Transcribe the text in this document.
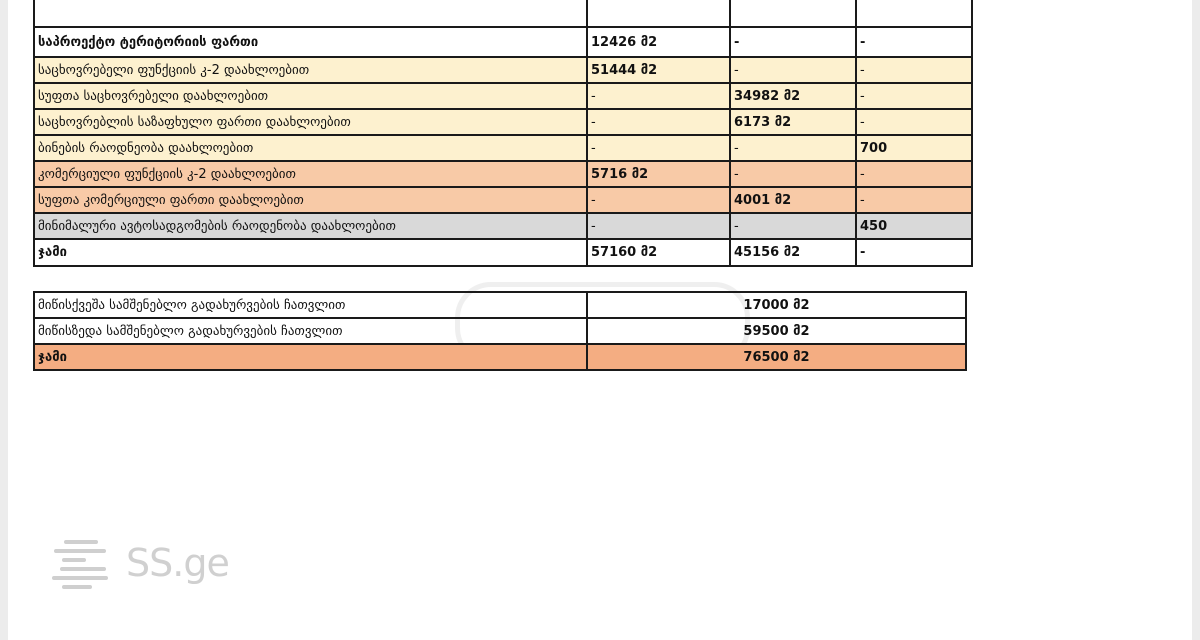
საპროექტო ტერიტორიის ფართი	12426 მ2	-	-
საცხოვრებელი ფუნქციის კ-2 დაახლოებით	51444 მ2	-	-
სუფთა საცხოვრებელი დაახლოებით	-	34982 მ2	-
საცხოვრებლის საზაფხულო ფართი დაახლოებით	-	6173 მ2	-
ბინების რაოდნეობა დაახლოებით	-	-	700
კომერციული ფუნქციის კ-2 დაახლოებით	5716 მ2	-	-
სუფთა კომერციული ფართი დაახლოებით	-	4001 მ2	-
მინიმალური ავტოსადგომების რაოდენობა დაახლოებით	-	-	450
ჯამი	57160 მ2	45156 მ2	-
მიწისქვეშა სამშენებლო გადახურვების ჩათვლით	17000 მ2
მიწისზედა სამშენებლო გადახურვების ჩათვლით	59500 მ2
ჯამი	76500 მ2
SS.ge
